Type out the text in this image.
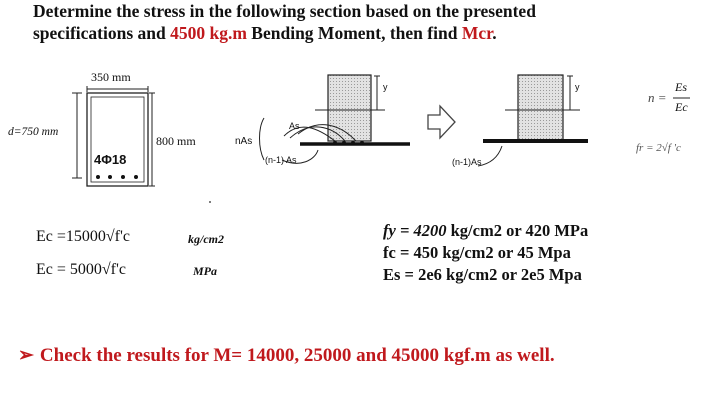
Determine the stress in the following section based on the presented
specifications and 4500 kg.m Bending Moment, then find Mcr.
350 mm
d=750 mm
800 mm
4Φ18
nAs
As
(n-1) As	(n-1)As
y	y
n =
Es
Ec
fr = 2√f 'c
Ec =15000√f'c	kg/cm2
Ec = 5000√f'c	MPa
fy = 4200 kg/cm2 or 420 MPa
fc = 450 kg/cm2 or 45 Mpa
Es = 2e6 kg/cm2 or 2e5 Mpa
➢ Check the results for M= 14000, 25000 and 45000 kgf.m as well.
